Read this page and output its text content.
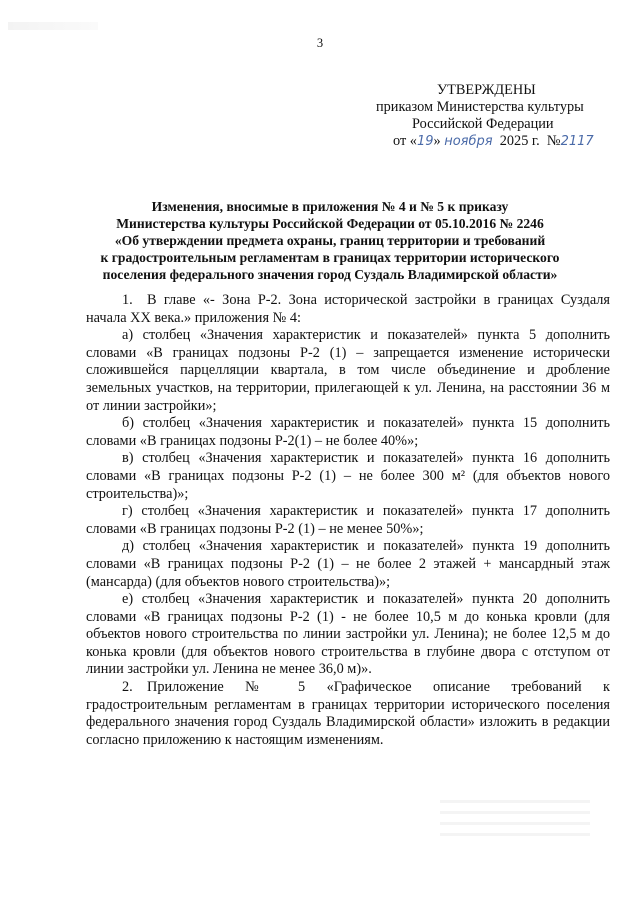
3
УТВЕРЖДЕНЫ
приказом Министерства культуры
Российской Федерации
от «19» ноября 2025 г. №2117
Изменения, вносимые в приложения № 4 и № 5 к приказу
Министерства культуры Российской Федерации от 05.10.2016 № 2246
«Об утверждении предмета охраны, границ территории и требований
к градостроительным регламентам в границах территории исторического
поселения федерального значения город Суздаль Владимирской области»

1. В главе «- Зона Р-2. Зона исторической застройки в границах Суздаля начала XX века.» приложения № 4:

а) столбец «Значения характеристик и показателей» пункта 5 дополнить словами «В границах подзоны Р-2 (1) – запрещается изменение исторически сложившейся парцелляции квартала, в том числе объединение и дробление земельных участков, на территории, прилегающей к ул. Ленина, на расстоянии 36 м от линии застройки»;

б) столбец «Значения характеристик и показателей» пункта 15 дополнить словами «В границах подзоны Р-2(1) – не более 40%»;

в) столбец «Значения характеристик и показателей» пункта 16 дополнить словами «В границах подзоны Р-2 (1) – не более 300 м² (для объектов нового строительства)»;

г) столбец «Значения характеристик и показателей» пункта 17 дополнить словами «В границах подзоны Р-2 (1) – не менее 50%»;

д) столбец «Значения характеристик и показателей» пункта 19 дополнить словами «В границах подзоны Р-2 (1) – не более 2 этажей + мансардный этаж (мансарда) (для объектов нового строительства)»;

е) столбец «Значения характеристик и показателей» пункта 20 дополнить словами «В границах подзоны Р-2 (1) - не более 10,5 м до конька кровли (для объектов нового строительства по линии застройки ул. Ленина); не более 12,5 м до конька кровли (для объектов нового строительства в глубине двора с отступом от линии застройки ул. Ленина не менее 36,0 м)».

2. Приложение № 5 «Графическое описание требований к градостроительным регламентам в границах территории исторического поселения федерального значения город Суздаль Владимирской области» изложить в редакции согласно приложению к настоящим изменениям.
